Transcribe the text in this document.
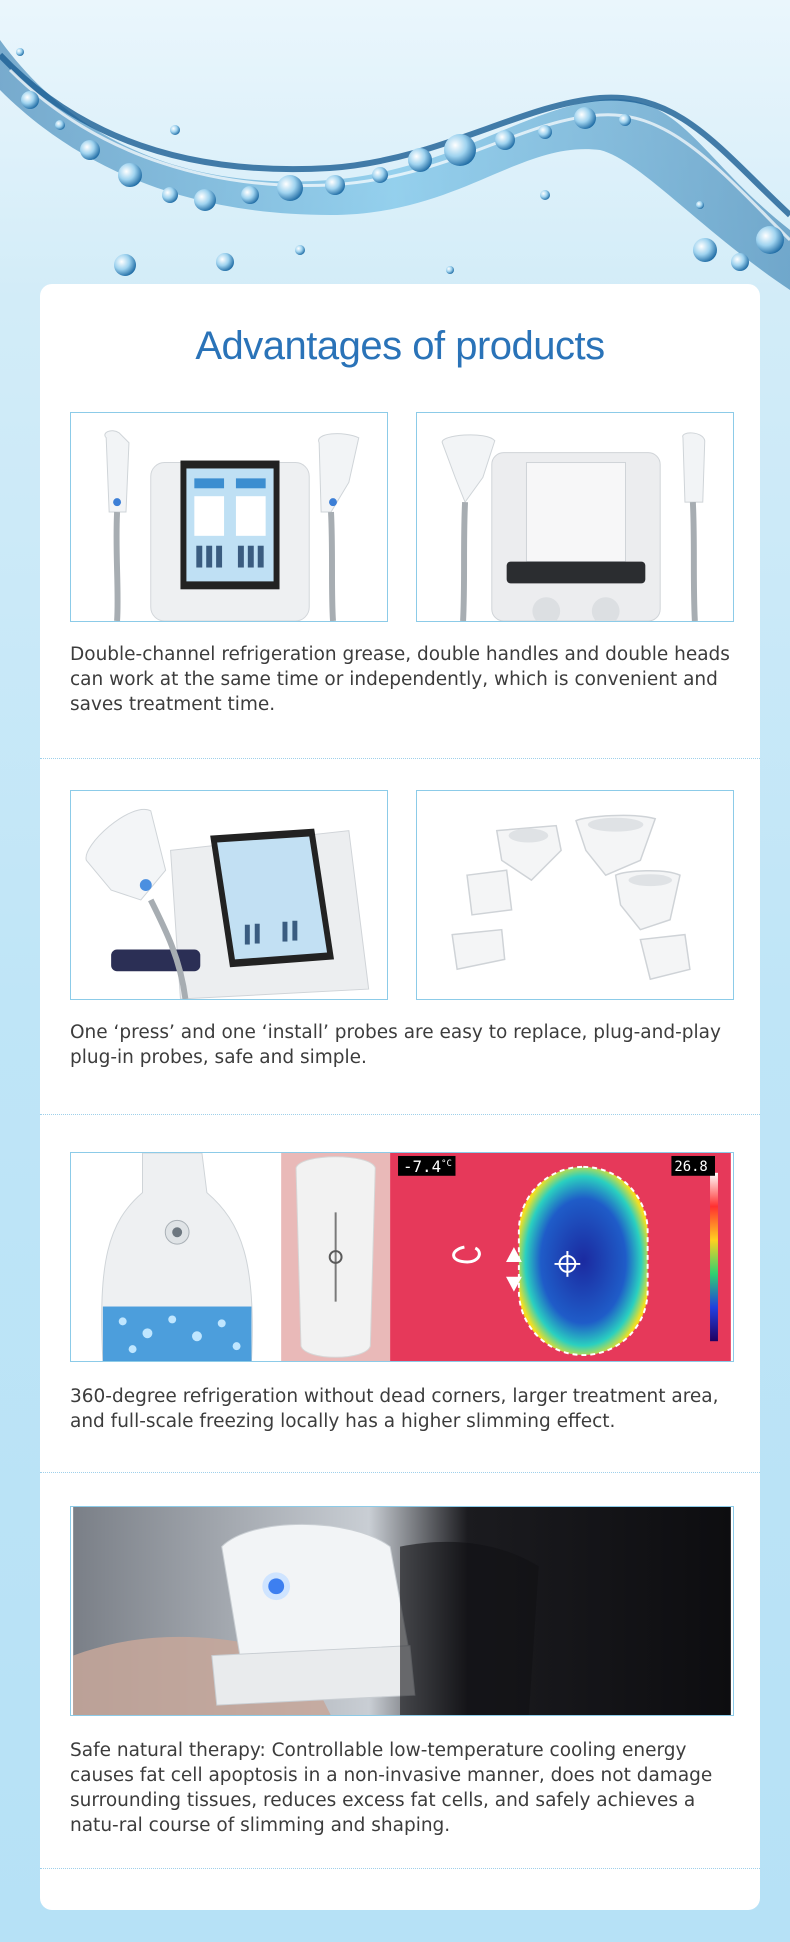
Advantages of products

Double-channel refrigeration grease, double handles and double heads can work at the same time or independently, which is convenient and saves treatment time.

One ‘press’ and one ‘install’ probes are easy to replace, plug-and-play plug-in probes, safe and simple.

$-7.4^{^\circ C}$	26.8

360-degree refrigeration without dead corners, larger treatment area, and full-scale freezing locally has a higher slimming effect.

Safe natural therapy: Controllable low-temperature cooling energy causes fat cell apoptosis in a non-invasive manner, does not damage surrounding tissues, reduces excess fat cells, and safely achieves a natu-ral course of slimming and shaping.
